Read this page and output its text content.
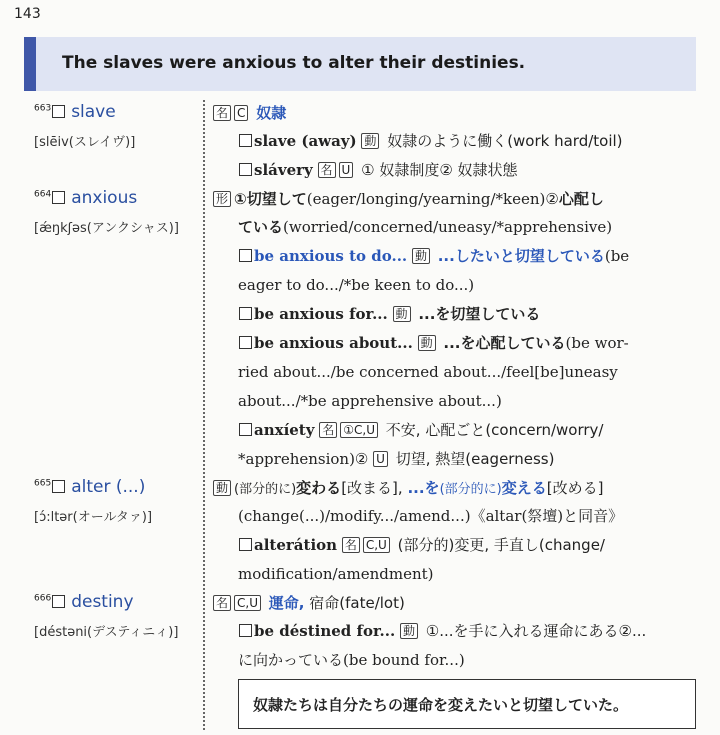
143
The slaves were anxious to alter their destinies.
$^{663}$ slave
[slēiv(スレイヴ)]
名 C 奴隷
slave (away) 動 奴隷のように働く(work hard/toil)
slávery 名 U ① 奴隷制度② 奴隷状態
$^{664}$ anxious
[ǽŋkʃəs(アンクシャス)]
形 ①切望して(eager/longing/yearning/*keen)②心配し
ている(worried/concerned/uneasy/*apprehensive)
be anxious to do... 動 ...したいと切望している(be
eager to do.../*be keen to do...)
be anxious for... 動 ...を切望している
be anxious about... 動 ...を心配している(be wor-
ried about.../be concerned about.../feel[be]uneasy
about.../*be apprehensive about...)
anxíety 名 ①C,U 不安, 心配ごと(concern/worry/
*apprehension)② U 切望, 熱望(eagerness)
$^{665}$ alter (...)
[ɔ́:ltər(オールタァ)]
動 (部分的に)変わる[改まる], ...を(部分的に)変える[改める]
(change(...)/modify.../amend...)《altar(祭壇)と同音》
alterátion 名 C,U (部分的)変更, 手直し(change/
modification/amendment)
$^{666}$ destiny
[déstəni(デスティニィ)]
名 C,U 運命, 宿命(fate/lot)
be déstined for... 動 ①...を手に入れる運命にある②...
に向かっている(be bound for...)
奴隷たちは自分たちの運命を変えたいと切望していた。
